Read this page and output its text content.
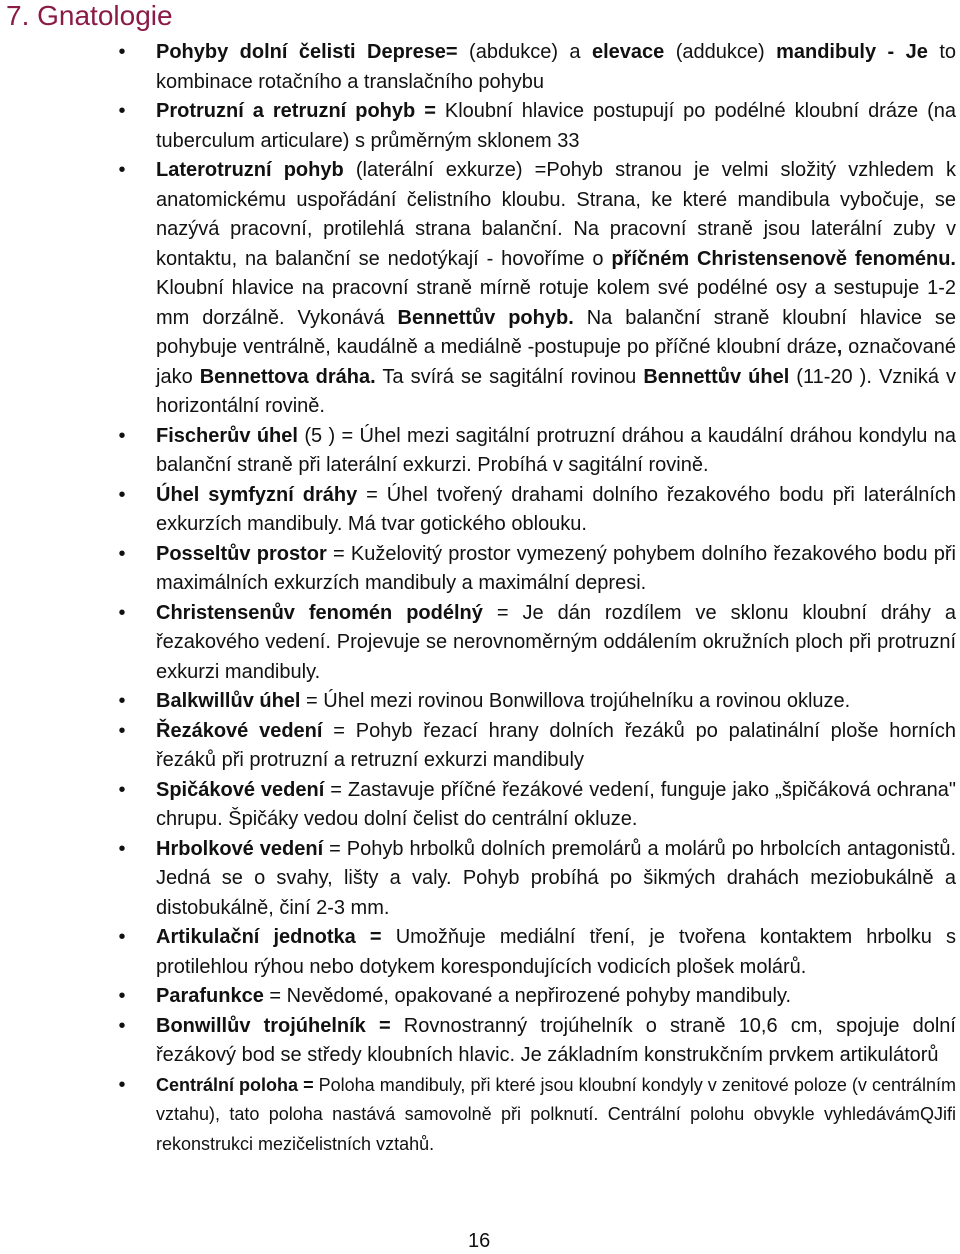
7. Gnatologie
•
Pohyby dolní čelisti Deprese= (abdukce) a elevace (addukce) mandibuly - Je to kombinace rotačního a translačního pohybu
•
Protruzní a retruzní pohyb = Kloubní hlavice postupují po podélné kloubní dráze (na tuberculum articulare) s průměrným sklonem 33
•
Laterotruzní pohyb (laterální exkurze) =Pohyb stranou je velmi složitý vzhledem k anatomickému uspořádání čelistního kloubu. Strana, ke které mandibula vybočuje, se nazývá pracovní, protilehlá strana balanční. Na pracovní straně jsou laterální zuby v kontaktu, na balanční se nedotýkají - hovoříme o příčném Christensenově fenoménu. Kloubní hlavice na pracovní straně mírně rotuje kolem své podélné osy a sestupuje 1-2 mm dorzálně. Vykonává Bennettův pohyb. Na balanční straně kloubní hlavice se pohybuje ventrálně, kaudálně a mediálně -postupuje po příčné kloubní dráze, označované jako Bennettova dráha. Ta svírá se sagitální rovinou Bennettův úhel (11-20 ). Vzniká v horizontální rovině.
•
Fischerův úhel (5 ) = Úhel mezi sagitální protruzní dráhou a kaudální dráhou kondylu na balanční straně při laterální exkurzi. Probíhá v sagitální rovině.
•
Úhel symfyzní dráhy = Úhel tvořený drahami dolního řezakového bodu při laterálních exkurzích mandibuly. Má tvar gotického oblouku.
•
Posseltův prostor = Kuželovitý prostor vymezený pohybem dolního řezakového bodu při maximálních exkurzích mandibuly a maximální depresi.
•
Christensenův fenomén podélný = Je dán rozdílem ve sklonu kloubní dráhy a řezakového vedení. Projevuje se nerovnoměrným oddálením okružních ploch při protruzní exkurzi mandibuly.
•
Balkwillův úhel = Úhel mezi rovinou Bonwillova trojúhelníku a rovinou okluze.
•
Řezákové vedení = Pohyb řezací hrany dolních řezáků po palatinální ploše horních řezáků při protruzní a retruzní exkurzi mandibuly
•
Spičákové vedení = Zastavuje příčné řezákové vedení, funguje jako „špičáková ochrana" chrupu. Špičáky vedou dolní čelist do centrální okluze.
•
Hrbolkové vedení = Pohyb hrbolků dolních premolárů a molárů po hrbolcích antagonistů. Jedná se o svahy, lišty a valy. Pohyb probíhá po šikmých drahách meziobukálně a distobukálně, činí 2-3 mm.
•
Artikulační jednotka = Umožňuje mediální tření, je tvořena kontaktem hrbolku s protilehlou rýhou nebo dotykem korespondujících vodicích plošek molárů.
•
Parafunkce = Nevědomé, opakované a nepřirozené pohyby mandibuly.
•
Bonwillův trojúhelník = Rovnostranný trojúhelník o straně 10,6 cm, spojuje dolní řezákový bod se středy kloubních hlavic. Je základním konstrukčním prvkem artikulátorů
•
Centrální poloha = Poloha mandibuly, při které jsou kloubní kondyly v zenitové poloze (v centrálním vztahu), tato poloha nastává samovolně při polknutí. Centrální polohu obvykle vyhledávámQJifi rekonstrukci mezičelistních vztahů.
16
